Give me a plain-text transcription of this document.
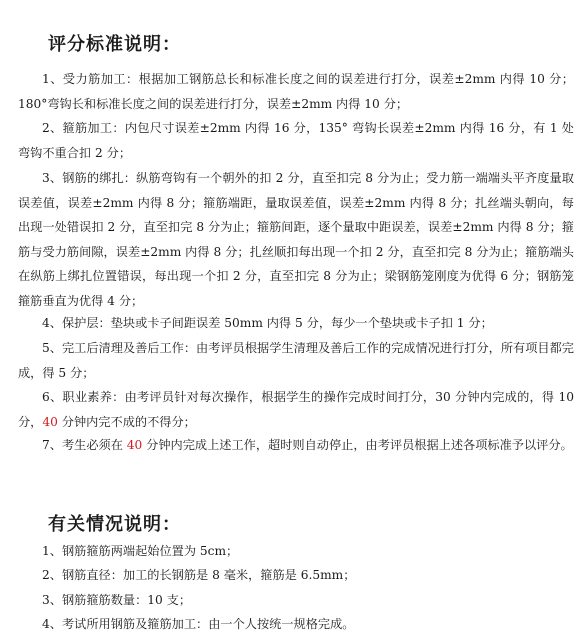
评分标准说明：

1、受力筋加工：根据加工钢筋总长和标准长度之间的误差进行打分，误差±2mm 内得 10 分；180°弯钩长和标准长度之间的误差进行打分，误差±2mm 内得 10 分；

2、箍筋加工：内包尺寸误差±2mm 内得 16 分，135° 弯钩长误差±2mm 内得 16 分，有 1 处弯钩不重合扣 2 分；

3、钢筋的绑扎：纵筋弯钩有一个朝外的扣 2 分，直至扣完 8 分为止；受力筋一端端头平齐度量取误差值，误差±2mm 内得 8 分；箍筋端距，量取误差值，误差±2mm 内得 8 分；扎丝端头朝向，每出现一处错误扣 2 分，直至扣完 8 分为止；箍筋间距，逐个量取中距误差，误差±2mm 内得 8 分；箍筋与受力筋间隙，误差±2mm 内得 8 分；扎丝顺扣每出现一个扣 2 分，直至扣完 8 分为止；箍筋端头在纵筋上绑扎位置错误，每出现一个扣 2 分，直至扣完 8 分为止；梁钢筋笼刚度为优得 6 分；钢筋笼箍筋垂直为优得 4 分；

4、保护层：垫块或卡子间距误差 50mm 内得 5 分，每少一个垫块或卡子扣 1 分；

5、完工后清理及善后工作：由考评员根据学生清理及善后工作的完成情况进行打分，所有项目都完成，得 5 分；

6、职业素养：由考评员针对每次操作，根据学生的操作完成时间打分，30 分钟内完成的，得 10 分，40 分钟内完不成的不得分；

7、考生必须在 40 分钟内完成上述工作，超时则自动停止，由考评员根据上述各项标准予以评分。

有关情况说明：

1、钢筋箍筋两端起始位置为 5cm；

2、钢筋直径：加工的长钢筋是 8 毫米，箍筋是 6.5mm；

3、钢筋箍筋数量：10 支；

4、考试所用钢筋及箍筋加工：由一个人按统一规格完成。
